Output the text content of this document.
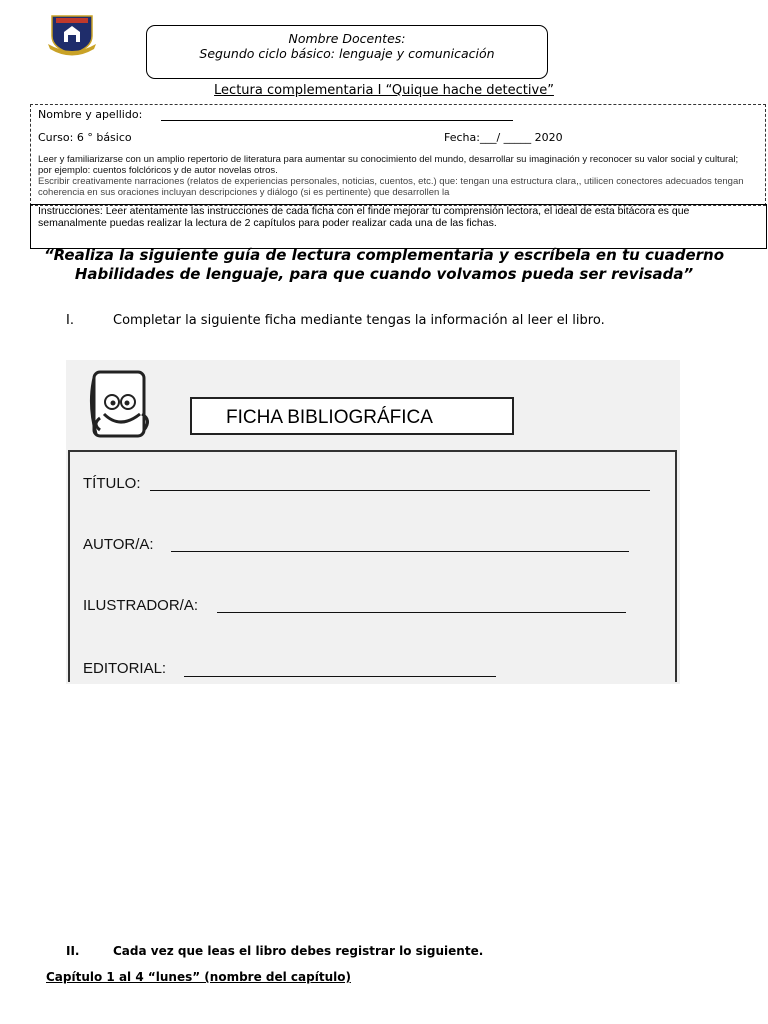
Nombre Docentes:
Segundo ciclo básico: lenguaje y comunicación
Lectura complementaria I “Quique hache detective”
Nombre y apellido:
Curso: 6 ° básico	Fecha:___/ _____ 2020
Leer y familiarizarse con un amplio repertorio de literatura para aumentar su conocimiento del mundo, desarrollar su imaginación y reconocer su valor social y cultural; por ejemplo: cuentos folclóricos y de autor novelas otros.
Escribir creativamente narraciones (relatos de experiencias personales, noticias, cuentos, etc.) que: tengan una estructura clara,, utilicen conectores adecuados tengan coherencia en sus oraciones incluyan descripciones y diálogo (si es pertinente) que desarrollen la
Instrucciones: Leer atentamente las instrucciones de cada ficha con el finde mejorar tu comprensión lectora, el ideal de esta bitácora es que semanalmente puedas realizar la lectura de 2 capítulos para poder realizar cada una de las fichas.
“Realiza la siguiente guía de lectura complementaria y escríbela en tu cuaderno Habilidades de lenguaje, para que cuando volvamos pueda ser revisada”
I.	Completar la siguiente ficha mediante tengas la información al leer el libro.
FICHA BIBLIOGRÁFICA
TÍTULO:
AUTOR/A:
ILUSTRADOR/A:
EDITORIAL:
II.	Cada vez que leas el libro debes registrar lo siguiente.
Capítulo 1 al 4 “lunes” (nombre del capítulo)
